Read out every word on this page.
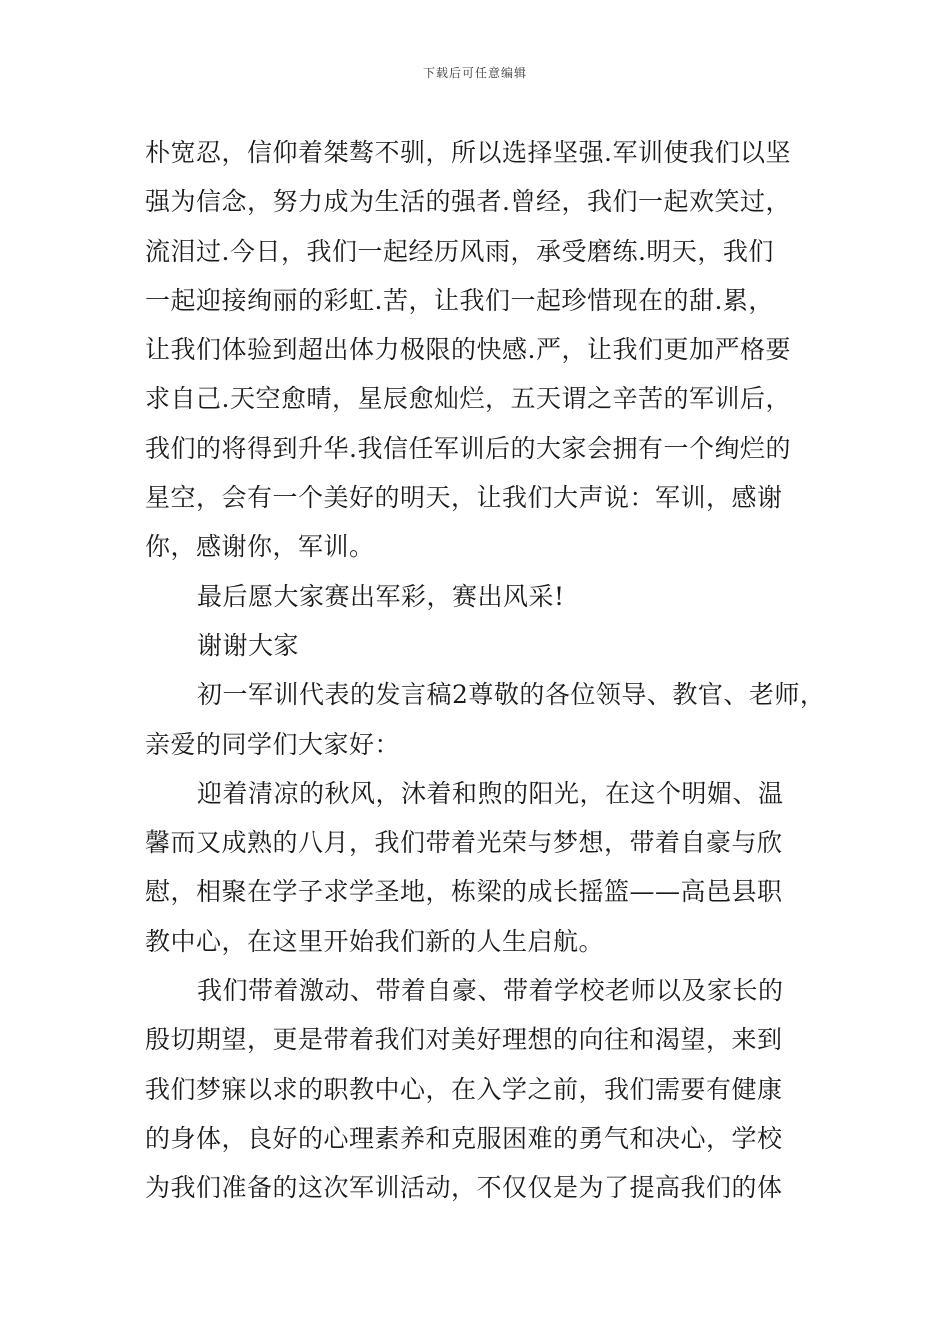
下载后可任意编辑
朴宽忍，信仰着桀骜不驯，所以选择坚强.军训使我们以坚
强为信念，努力成为生活的强者.曾经，我们一起欢笑过，
流泪过.今日，我们一起经历风雨，承受磨练.明天，我们
一起迎接绚丽的彩虹.苦，让我们一起珍惜现在的甜.累，
让我们体验到超出体力极限的快感.严，让我们更加严格要
求自己.天空愈晴，星辰愈灿烂，五天谓之辛苦的军训后，
我们的将得到升华.我信任军训后的大家会拥有一个绚烂的
星空，会有一个美好的明天，让我们大声说：军训，感谢
你，感谢你，军训。
最后愿大家赛出军彩，赛出风采!
谢谢大家
初一军训代表的发言稿2尊敬的各位领导、教官、老师，
亲爱的同学们大家好：
迎着清凉的秋风，沐着和煦的阳光，在这个明媚、温
馨而又成熟的八月，我们带着光荣与梦想，带着自豪与欣
慰，相聚在学子求学圣地，栋梁的成长摇篮——高邑县职
教中心，在这里开始我们新的人生启航。
我们带着激动、带着自豪、带着学校老师以及家长的
殷切期望，更是带着我们对美好理想的向往和渴望，来到
我们梦寐以求的职教中心，在入学之前，我们需要有健康
的身体，良好的心理素养和克服困难的勇气和决心，学校
为我们准备的这次军训活动，不仅仅是为了提高我们的体
